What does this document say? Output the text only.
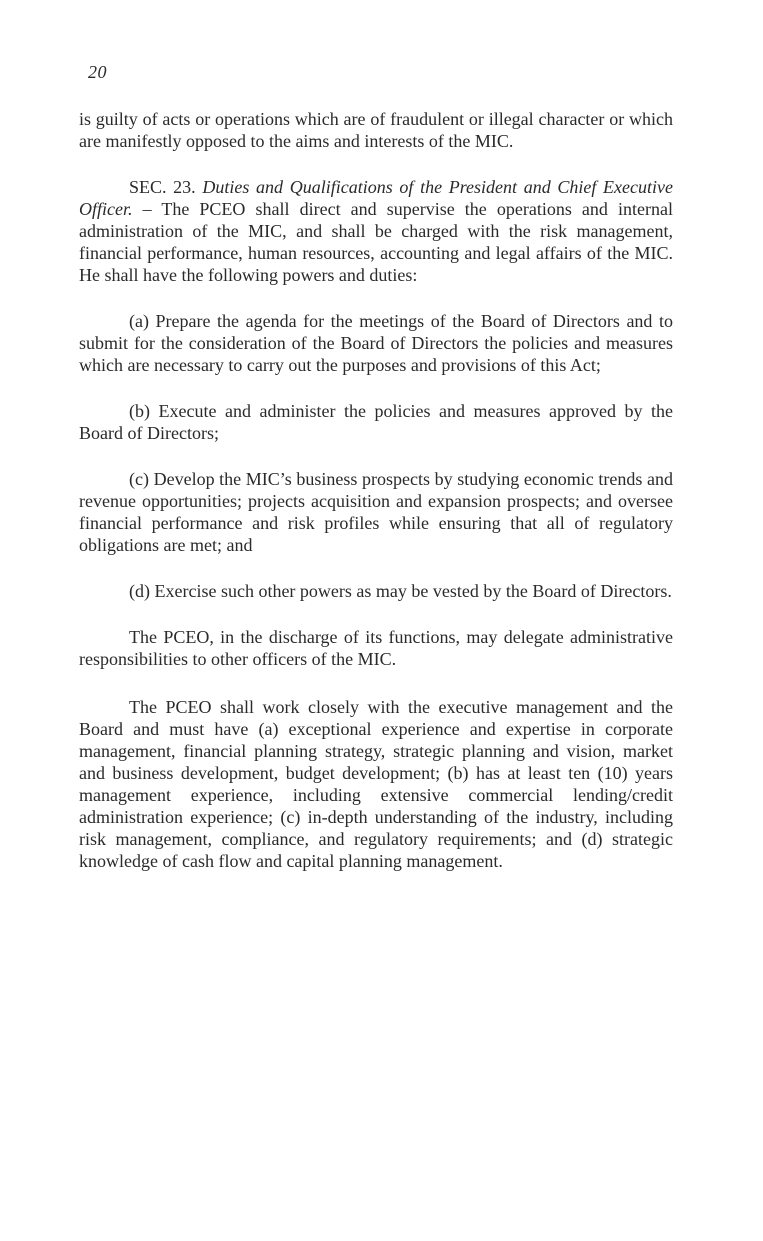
20

is guilty of acts or operations which are of fraudulent or illegal character or which are manifestly opposed to the aims and interests of the MIC.

SEC. 23. Duties and Qualifications of the President and Chief Executive Officer. – The PCEO shall direct and supervise the operations and internal administration of the MIC, and shall be charged with the risk management, financial performance, human resources, accounting and legal affairs of the MIC. He shall have the following powers and duties:

(a) Prepare the agenda for the meetings of the Board of Directors and to submit for the consideration of the Board of Directors the policies and measures which are necessary to carry out the purposes and provisions of this Act;

(b) Execute and administer the policies and measures approved by the Board of Directors;

(c) Develop the MIC’s business prospects by studying economic trends and revenue opportunities; projects acquisition and expansion prospects; and oversee financial performance and risk profiles while ensuring that all of regulatory obligations are met; and

(d) Exercise such other powers as may be vested by the Board of Directors.

The PCEO, in the discharge of its functions, may delegate administrative responsibilities to other officers of the MIC.

The PCEO shall work closely with the executive management and the Board and must have (a) exceptional experience and expertise in corporate management, financial planning strategy, strategic planning and vision, market and business development, budget development; (b) has at least ten (10) years management experience, including extensive commercial lending/credit administration experience; (c) in-depth understanding of the industry, including risk management, compliance, and regulatory requirements; and (d) strategic knowledge of cash flow and capital planning management.
